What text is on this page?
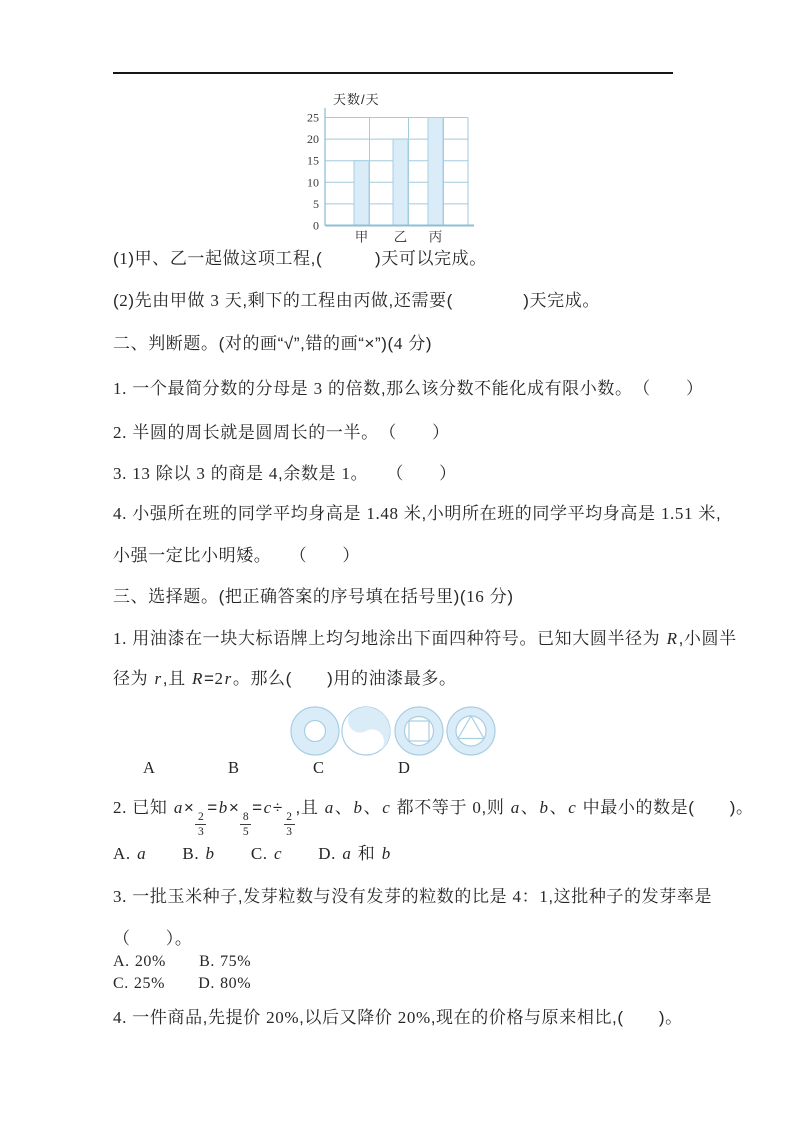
0
5
10
15
20
25
甲 乙 丙
天数/天

(1)甲、乙一起做这项工程,(　　　)天可以完成。

(2)先由甲做 3 天,剩下的工程由丙做,还需要(　　　　)天完成。

二、判断题。(对的画“√”,错的画“×”)(4 分)

1. 一个最简分数的分母是 3 的倍数,那么该分数不能化成有限小数。　（　　）

2. 半圆的周长就是圆周长的一半。　（　　）

3. 13 除以 3 的商是 4,余数是 1。　　（　　）

4. 小强所在班的同学平均身高是 1.48 米,小明所在班的同学平均身高是 1.51 米,

小强一定比小明矮。　　（　　）

三、选择题。(把正确答案的序号填在括号里)(16 分)

1. 用油漆在一块大标语牌上均匀地涂出下面四种符号。已知大圆半径为 R,小圆半

径为 r,且 R=2r。那么(　　)用的油漆最多。

A	B	C	D

2. 已知 a×
$\frac{2}{3}$
=b×
$\frac{8}{5}$
=c÷
$\frac{2}{3}$
,且 a、b、c 都不等于 0,则 a、b、c 中最小的数是(　　)。

A. a　　 B. b　　 C. c　　 D. a 和 b

3. 一批玉米种子,发芽粒数与没有发芽的粒数的比是 4：1,这批种子的发芽率是

（　　）。

A. 20%　　 B. 75%

C. 25%　　 D. 80%

4. 一件商品,先提价 20%,以后又降价 20%,现在的价格与原来相比,(　　)。
